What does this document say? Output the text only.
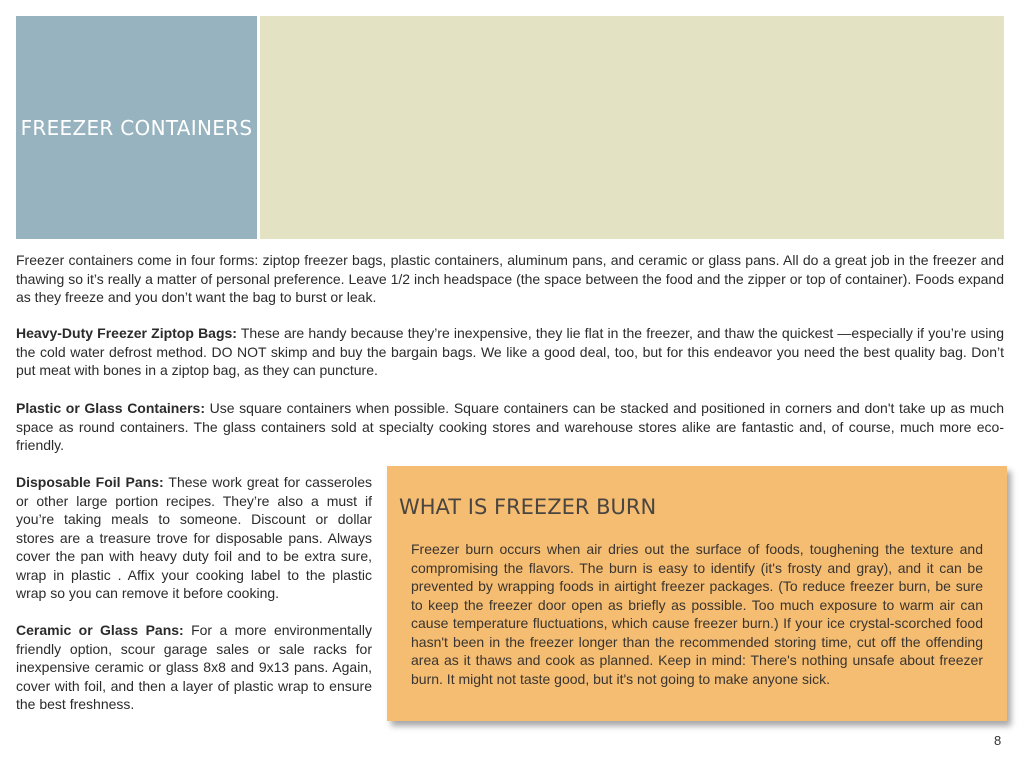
FREEZER CONTAINERS

Freezer containers come in four forms: ziptop freezer bags, plastic containers, aluminum pans, and ceramic or glass pans. All do a great job in the freezer and thawing so it’s really a matter of personal preference. Leave 1/2 inch headspace (the space between the food and the zipper or top of container). Foods expand as they freeze and you don’t want the bag to burst or leak.

Heavy-Duty Freezer Ziptop Bags: These are handy because they’re inexpensive, they lie flat in the freezer, and thaw the quickest —especially if you’re using the cold water defrost method. DO NOT skimp and buy the bargain bags. We like a good deal, too, but for this endeavor you need the best quality bag. Don’t put meat with bones in a ziptop bag, as they can puncture.

Plastic or Glass Containers: Use square containers when possible. Square containers can be stacked and positioned in corners and don't take up as much space as round containers. The glass containers sold at specialty cooking stores and warehouse stores alike are fantastic and, of course, much more eco-friendly.

Disposable Foil Pans: These work great for casseroles or other large portion recipes. They’re also a must if you’re taking meals to someone. Discount or dollar stores are a treasure trove for disposable pans. Always cover the pan with heavy duty foil and to be extra sure, wrap in plastic . Affix your cooking label to the plastic wrap so you can remove it before cooking.

Ceramic or Glass Pans: For a more environmentally friendly option, scour garage sales or sale racks for inexpensive ceramic or glass 8x8 and 9x13 pans. Again, cover with foil, and then a layer of plastic wrap to ensure the best freshness.

WHAT IS FREEZER BURN

Freezer burn occurs when air dries out the surface of foods, toughening the texture and compromising the flavors. The burn is easy to identify (it's frosty and gray), and it can be prevented by wrapping foods in airtight freezer packages. (To reduce freezer burn, be sure to keep the freezer door open as briefly as possible. Too much exposure to warm air can cause temperature fluctuations, which cause freezer burn.) If your ice crystal-scorched food hasn't been in the freezer longer than the recommended storing time, cut off the offending area as it thaws and cook as planned. Keep in mind: There's nothing unsafe about freezer burn. It might not taste good, but it's not going to make anyone sick.

8
